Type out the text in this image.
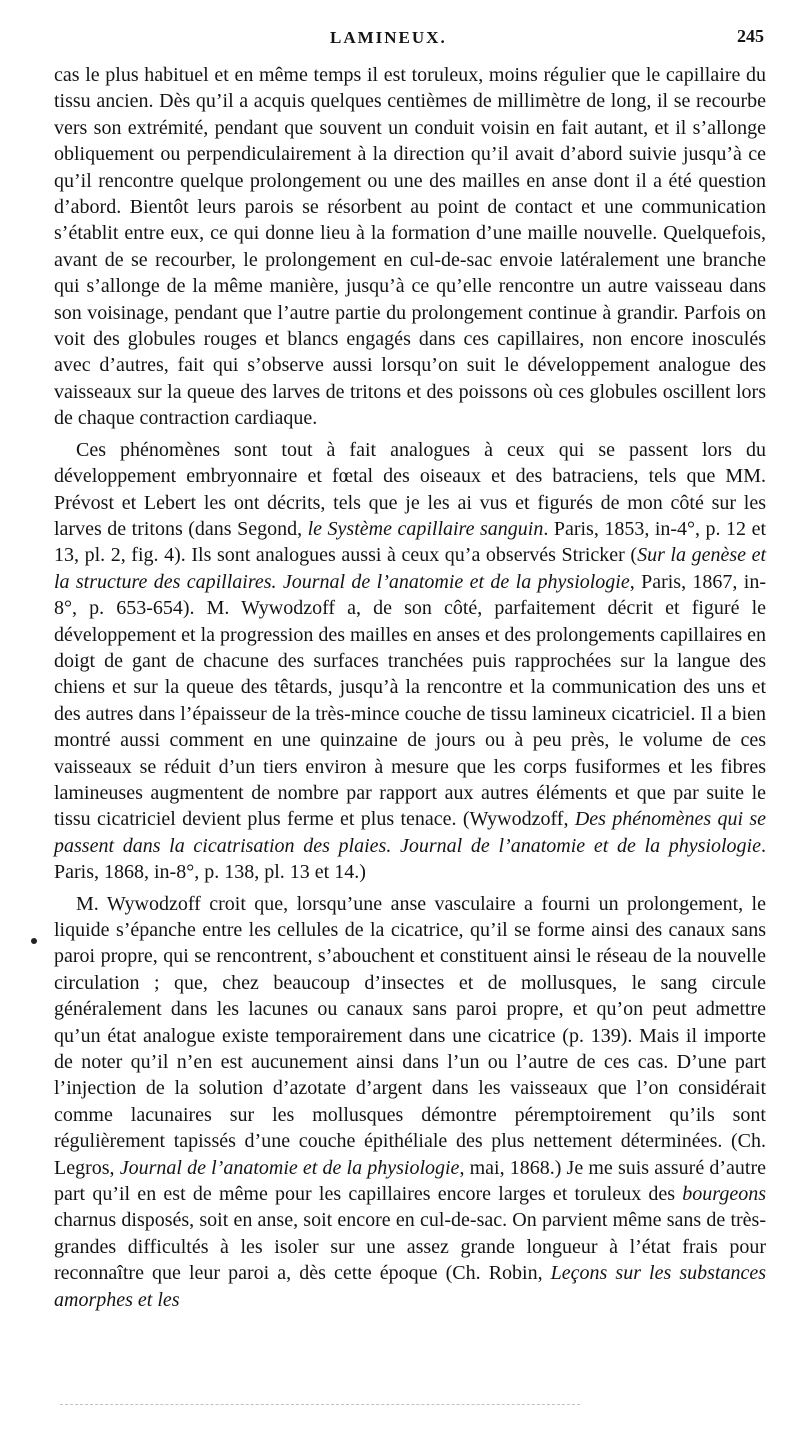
LAMINEUX.	245

cas le plus habituel et en même temps il est toruleux, moins régulier que le capillaire du tissu ancien. Dès qu’il a acquis quelques centièmes de millimètre de long, il se recourbe vers son extrémité, pendant que souvent un conduit voisin en fait autant, et il s’allonge obliquement ou perpendiculairement à la direction qu’il avait d’abord suivie jusqu’à ce qu’il rencontre quelque prolongement ou une des mailles en anse dont il a été question d’abord. Bientôt leurs parois se résorbent au point de contact et une communication s’établit entre eux, ce qui donne lieu à la formation d’une maille nouvelle. Quelquefois, avant de se recourber, le prolongement en cul-de-sac envoie latéralement une branche qui s’allonge de la même manière, jusqu’à ce qu’elle rencontre un autre vaisseau dans son voisinage, pendant que l’autre partie du prolongement continue à grandir. Parfois on voit des globules rouges et blancs engagés dans ces capillaires, non encore inosculés avec d’autres, fait qui s’observe aussi lorsqu’on suit le développement analogue des vaisseaux sur la queue des larves de tritons et des poissons où ces globules oscillent lors de chaque contraction cardiaque.

Ces phénomènes sont tout à fait analogues à ceux qui se passent lors du développement embryonnaire et fœtal des oiseaux et des batraciens, tels que MM. Prévost et Lebert les ont décrits, tels que je les ai vus et figurés de mon côté sur les larves de tritons (dans Segond, le Système capillaire sanguin. Paris, 1853, in-4°, p. 12 et 13, pl. 2, fig. 4). Ils sont analogues aussi à ceux qu’a observés Stricker (Sur la genèse et la structure des capillaires. Journal de l’anatomie et de la physiologie, Paris, 1867, in-8°, p. 653-654). M. Wywodzoff a, de son côté, parfaitement décrit et figuré le développement et la progression des mailles en anses et des prolongements capillaires en doigt de gant de chacune des surfaces tranchées puis rapprochées sur la langue des chiens et sur la queue des têtards, jusqu’à la rencontre et la communication des uns et des autres dans l’épaisseur de la très-mince couche de tissu lamineux cicatriciel. Il a bien montré aussi comment en une quinzaine de jours ou à peu près, le volume de ces vaisseaux se réduit d’un tiers environ à mesure que les corps fusiformes et les fibres lamineuses augmentent de nombre par rapport aux autres éléments et que par suite le tissu cicatriciel devient plus ferme et plus tenace. (Wywodzoff, Des phénomènes qui se passent dans la cicatrisation des plaies. Journal de l’anatomie et de la physiologie. Paris, 1868, in-8°, p. 138, pl. 13 et 14.)

M. Wywodzoff croit que, lorsqu’une anse vasculaire a fourni un prolongement, le liquide s’épanche entre les cellules de la cicatrice, qu’il se forme ainsi des canaux sans paroi propre, qui se rencontrent, s’abouchent et constituent ainsi le réseau de la nouvelle circulation ; que, chez beaucoup d’insectes et de mollusques, le sang circule généralement dans les lacunes ou canaux sans paroi propre, et qu’on peut admettre qu’un état analogue existe temporairement dans une cicatrice (p. 139). Mais il importe de noter qu’il n’en est aucunement ainsi dans l’un ou l’autre de ces cas. D’une part l’injection de la solution d’azotate d’argent dans les vaisseaux que l’on considérait comme lacunaires sur les mollusques démontre péremptoirement qu’ils sont régulièrement tapissés d’une couche épithéliale des plus nettement déterminées. (Ch. Legros, Journal de l’anatomie et de la physiologie, mai, 1868.) Je me suis assuré d’autre part qu’il en est de même pour les capillaires encore larges et toruleux des bourgeons charnus disposés, soit en anse, soit encore en cul-de-sac. On parvient même sans de très-grandes difficultés à les isoler sur une assez grande longueur à l’état frais pour reconnaître que leur paroi a, dès cette époque (Ch. Robin, Leçons sur les substances amorphes et les
